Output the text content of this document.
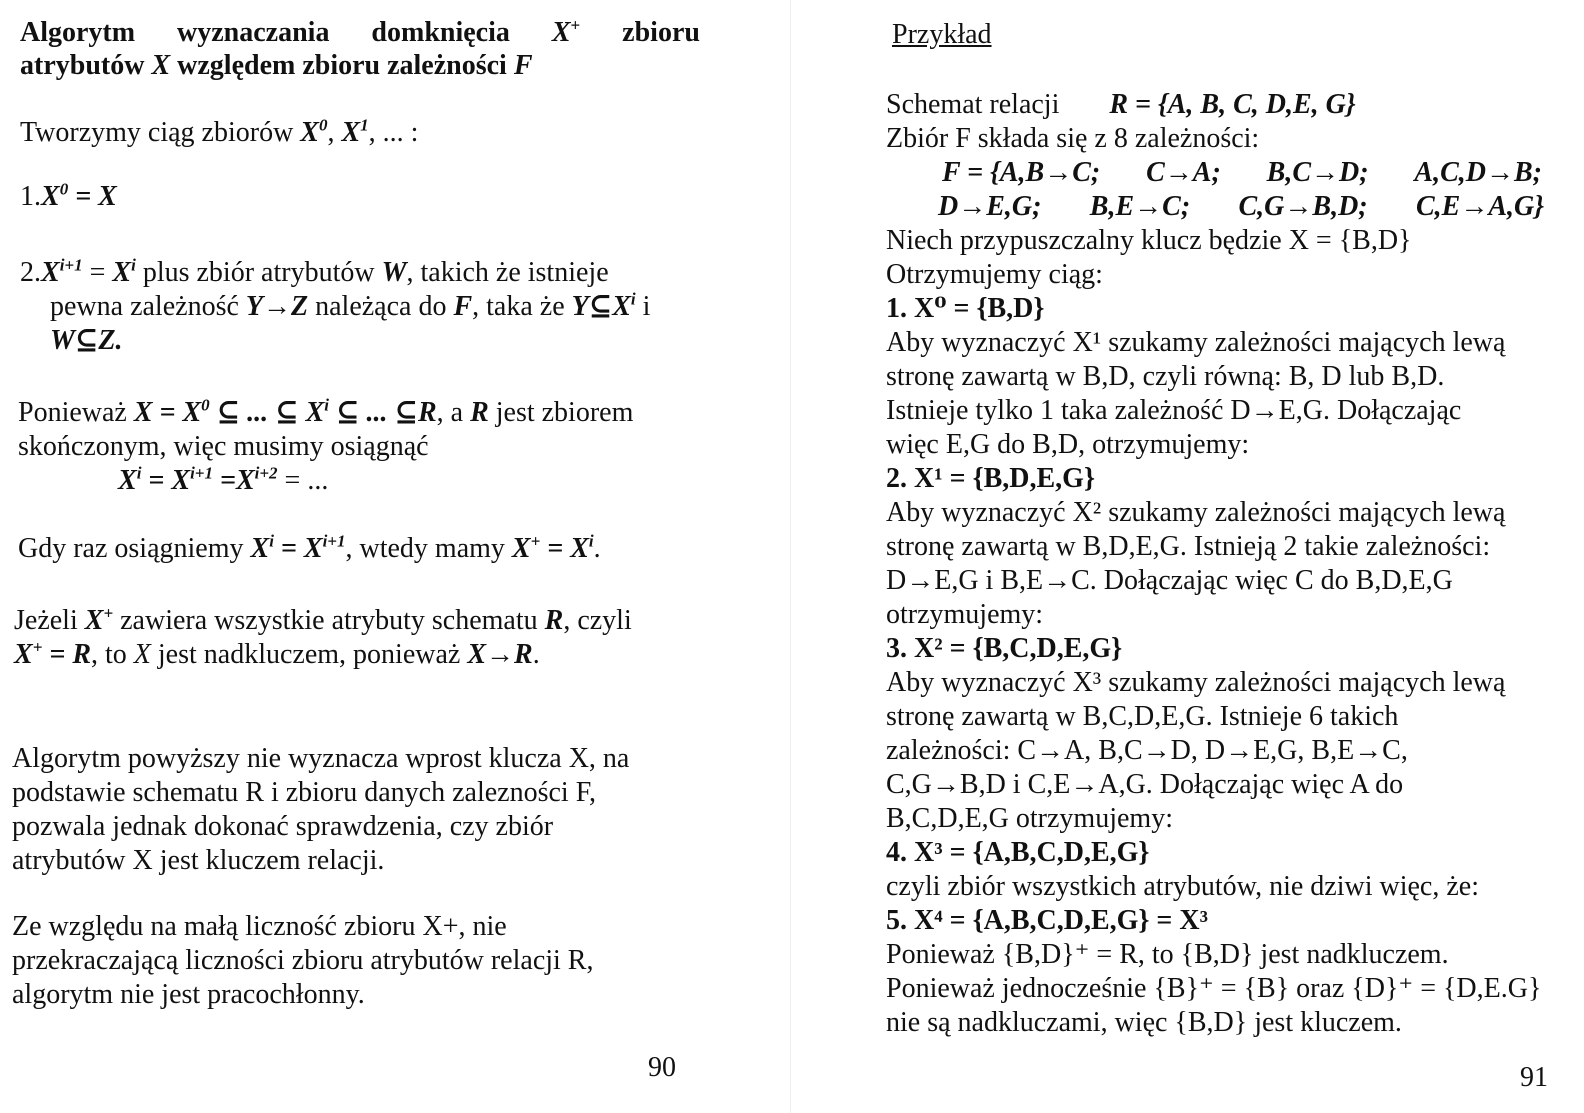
Algorytm wyznaczania domknięcia X+ zbioru
atrybutów X względem zbioru zależności F
Tworzymy ciąg zbiorów $X^0$, $X^1$, ... :
$1.X^0 = X$
$2.X^{i+1} = X^i$ plus zbiór atrybutów W, takich że istnieje
pewna zależność Y→Z należąca do F, taka że $Y⊆X^i$ i
W⊆Z.
Ponieważ $X = X^0$ ⊆ ... ⊆ $X^i$ ⊆ ... ⊆R, a R jest zbiorem
skończonym, więc musimy osiągnąć
$X^i = X^{i+1} =X^{i+2}$ = ...
Gdy raz osiągniemy $X^i = X^{i+1}$, wtedy mamy $X^+ = X^i$.
Jeżeli X+ zawiera wszystkie atrybuty schematu R, czyli
X+ = R, to X jest nadkluczem, ponieważ X→R.
Algorytm powyższy nie wyznacza wprost klucza X, na
podstawie schematu R i zbioru danych zalezności F,
pozwala jednak dokonać sprawdzenia, czy zbiór
atrybutów X jest kluczem relacji.
Ze względu na małą liczność zbioru X+, nie
przekraczającą liczności zbioru atrybutów relacji R,
algorytm nie jest pracochłonny.
90
Przykład
Schemat relacji R = {A, B, C, D,E, G}
Zbiór F składa się z 8 zależności:
F = {A,B→C; C→A; B,C→D; A,C,D→B;
D→E,G; B,E→C; C,G→B,D; C,E→A,G}
Niech przypuszczalny klucz będzie X = {B,D}
Otrzymujemy ciąg:
1. X⁰ = {B,D}
Aby wyznaczyć X¹ szukamy zależności mających lewą
stronę zawartą w B,D, czyli równą: B, D lub B,D.
Istnieje tylko 1 taka zależność D→E,G. Dołączając
więc E,G do B,D, otrzymujemy:
2. X¹ = {B,D,E,G}
Aby wyznaczyć X² szukamy zależności mających lewą
stronę zawartą w B,D,E,G. Istnieją 2 takie zależności:
D→E,G i B,E→C. Dołączając więc C do B,D,E,G
otrzymujemy:
3. X² = {B,C,D,E,G}
Aby wyznaczyć X³ szukamy zależności mających lewą
stronę zawartą w B,C,D,E,G. Istnieje 6 takich
zależności: C→A, B,C→D, D→E,G, B,E→C,
C,G→B,D i C,E→A,G. Dołączając więc A do
B,C,D,E,G otrzymujemy:
4. X³ = {A,B,C,D,E,G}
czyli zbiór wszystkich atrybutów, nie dziwi więc, że:
5. X⁴ = {A,B,C,D,E,G} = X³
Ponieważ {B,D}⁺ = R, to {B,D} jest nadkluczem.
Ponieważ jednocześnie {B}⁺ = {B} oraz {D}⁺ = {D,E.G}
nie są nadkluczami, więc {B,D} jest kluczem.
91
